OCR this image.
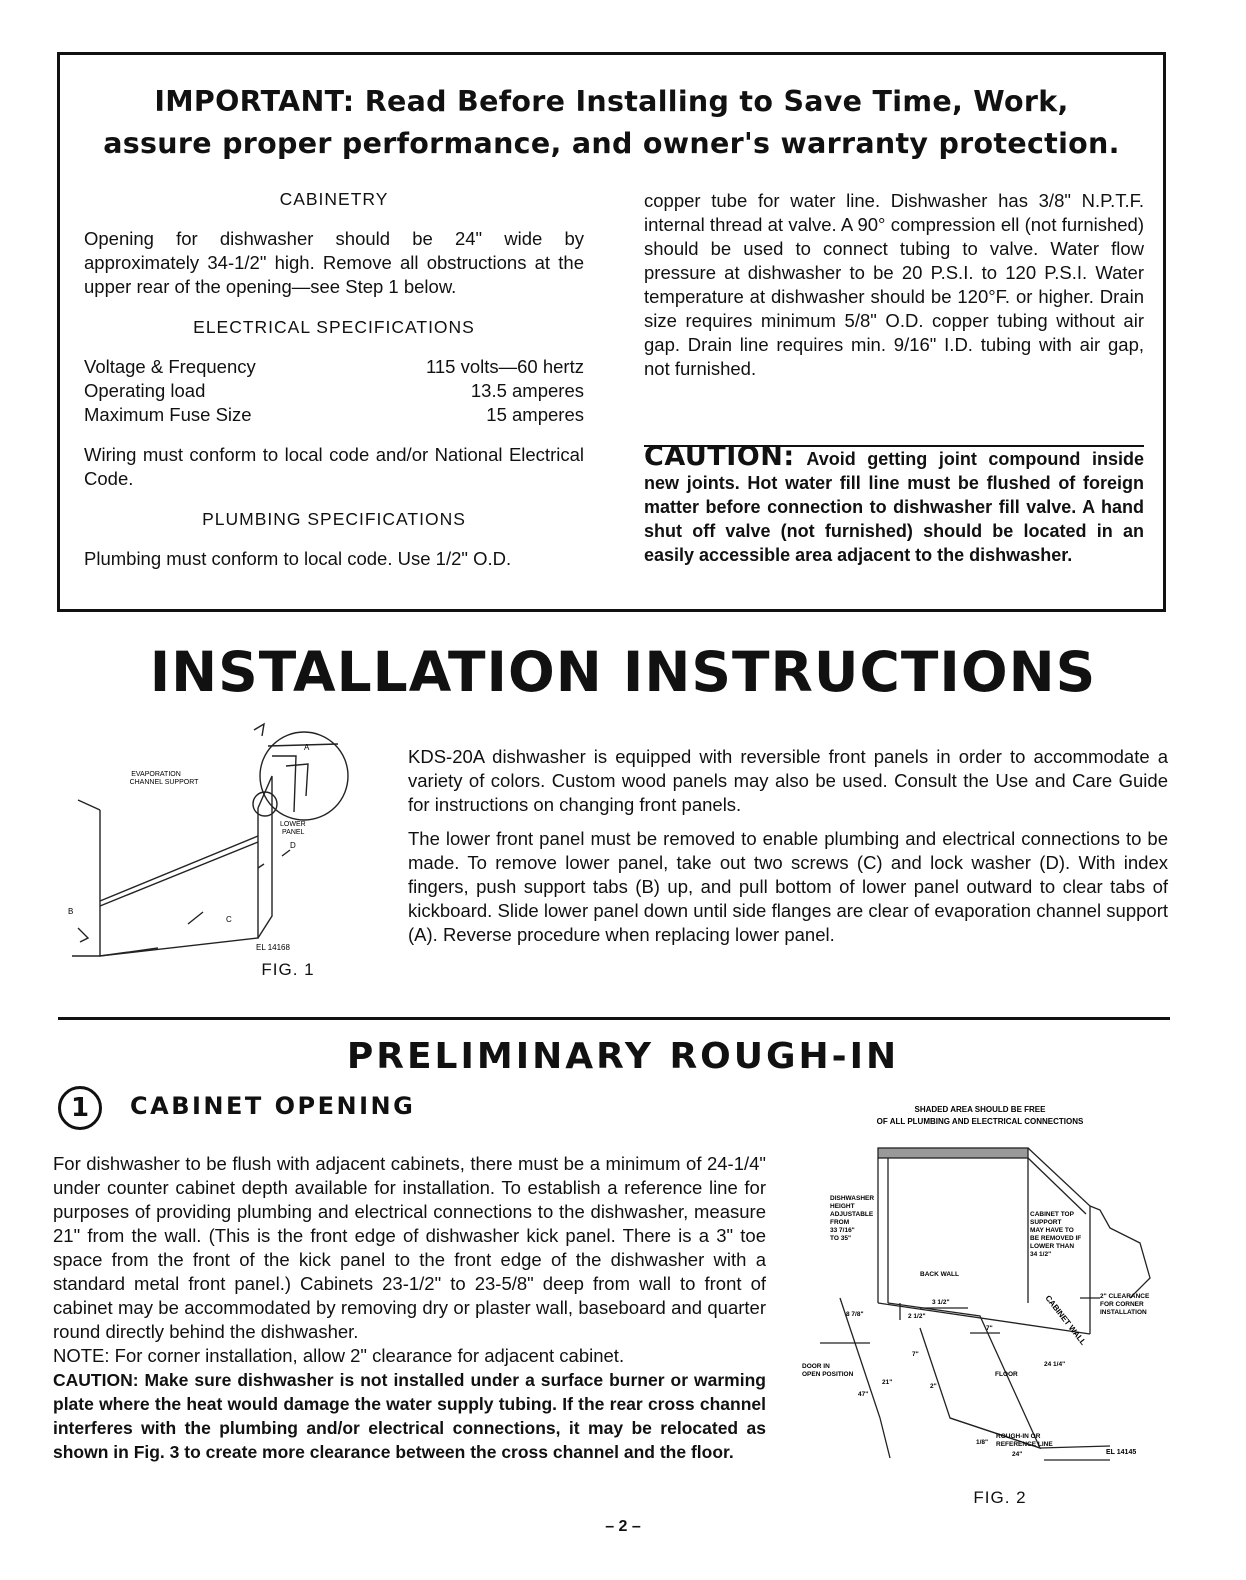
IMPORTANT: Read Before Installing to Save Time, Work,
assure proper performance, and owner's warranty protection.
CABINETRY
Opening for dishwasher should be 24" wide by approximately 34-1/2" high. Remove all obstructions at the upper rear of the opening—see Step 1 below.
ELECTRICAL SPECIFICATIONS
Voltage & Frequency	115 volts—60 hertz
Operating load	13.5 amperes
Maximum Fuse Size	15 amperes
Wiring must conform to local code and/or National Electrical Code.
PLUMBING SPECIFICATIONS
Plumbing must conform to local code. Use 1/2" O.D.
copper tube for water line. Dishwasher has 3/8" N.P.T.F. internal thread at valve. A 90° compression ell (not furnished) should be used to connect tubing to valve. Water flow pressure at dishwasher to be 20 P.S.I. to 120 P.S.I. Water temperature at dishwasher should be 120°F. or higher. Drain size requires minimum 5/8" O.D. copper tubing without air gap. Drain line requires min. 9/16" I.D. tubing with air gap, not furnished.
CAUTION: Avoid getting joint compound inside new joints. Hot water fill line must be flushed of foreign matter before connection to dishwasher fill valve. A hand shut off valve (not furnished) should be located in an easily accessible area adjacent to the dishwasher.
INSTALLATION INSTRUCTIONS
EVAPORATION
CHANNEL SUPPORT
LOWER
PANEL
A
B
C
D
EL 14168
FIG. 1

KDS-20A dishwasher is equipped with reversible front panels in order to accommodate a variety of colors. Custom wood panels may also be used. Consult the Use and Care Guide for instructions on changing front panels.

The lower front panel must be removed to enable plumbing and electrical connections to be made. To remove lower panel, take out two screws (C) and lock washer (D). With index fingers, push support tabs (B) up, and pull bottom of lower panel outward to clear tabs of kickboard. Slide lower panel down until side flanges are clear of evaporation channel support (A). Reverse procedure when replacing lower panel.

PRELIMINARY ROUGH-IN
1	CABINET OPENING
For dishwasher to be flush with adjacent cabinets, there must be a minimum of 24-1/4" under counter cabinet depth available for installation. To establish a reference line for purposes of providing plumbing and electrical connections to the dishwasher, measure 21" from the wall. (This is the front edge of dishwasher kick panel. There is a 3" toe space from the front of the kick panel to the front edge of the dishwasher with a standard metal front panel.) Cabinets 23-1/2" to 23-5/8" deep from wall to front of cabinet may be accommodated by removing dry or plaster wall, baseboard and quarter round directly behind the dishwasher.
NOTE: For corner installation, allow 2" clearance for adjacent cabinet.
CAUTION: Make sure dishwasher is not installed under a surface burner or warming plate where the heat would damage the water supply tubing. If the rear cross channel interferes with the plumbing and/or electrical connections, it may be relocated as shown in Fig. 3 to create more clearance between the cross channel and the floor.
SHADED AREA SHOULD BE FREE
OF ALL PLUMBING AND ELECTRICAL CONNECTIONS
DISHWASHER
HEIGHT
ADJUSTABLE
FROM
33 7/16"
TO 35"
CABINET TOP
SUPPORT
MAY HAVE TO
BE REMOVED IF
LOWER THAN
34 1/2"
BACK WALL
CABINET WALL 2" CLEARANCE
FOR CORNER
INSTALLATION
FLOOR
DOOR IN
OPEN POSITION
ROUGH-IN OR
REFERENCE LINE
8 7/8"
3 1/2"
2 1/2"
7"
7"
24 1/4"
21"
47"
2"
24"
1/8"
EL 14145
FIG. 2
– 2 –
